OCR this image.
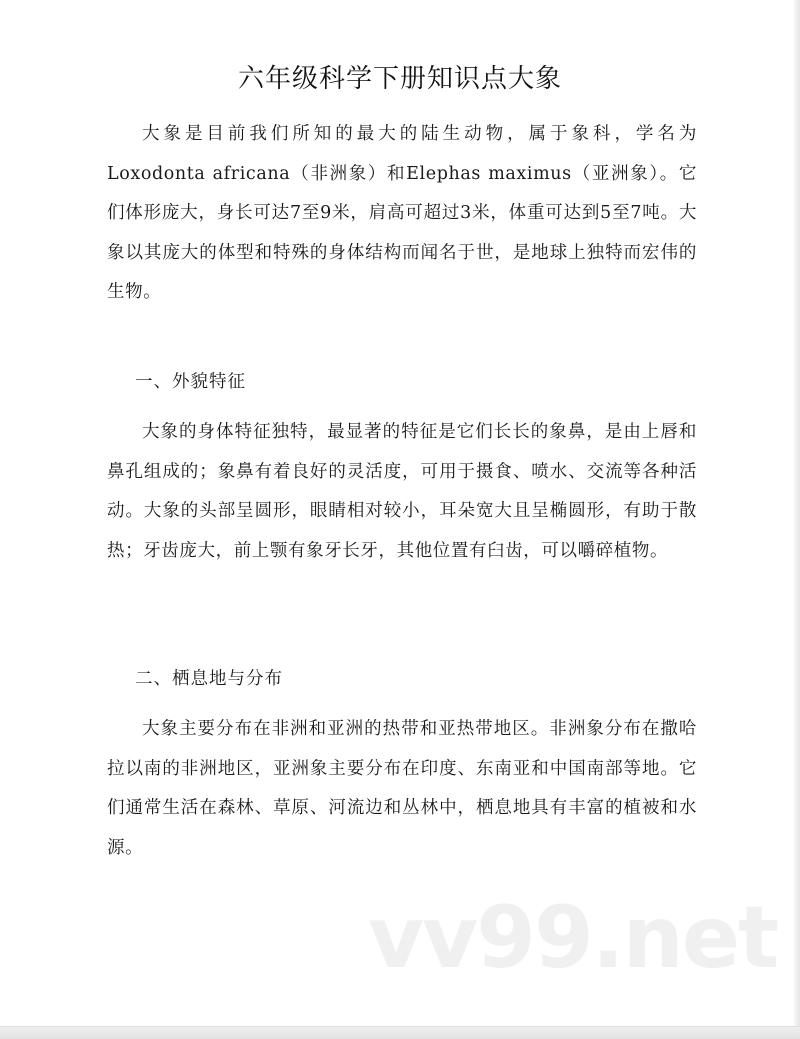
六年级科学下册知识点大象

大象是目前我们所知的最大的陆生动物，属于象科，学名为Loxodonta africana（非洲象）和Elephas maximus（亚洲象）。它们体形庞大，身长可达7至9米，肩高可超过3米，体重可达到5至7吨。大象以其庞大的体型和特殊的身体结构而闻名于世，是地球上独特而宏伟的生物。

一、外貌特征

大象的身体特征独特，最显著的特征是它们长长的象鼻，是由上唇和鼻孔组成的；象鼻有着良好的灵活度，可用于摄食、喷水、交流等各种活动。大象的头部呈圆形，眼睛相对较小，耳朵宽大且呈椭圆形，有助于散热；牙齿庞大，前上颚有象牙长牙，其他位置有臼齿，可以嚼碎植物。

二、栖息地与分布

大象主要分布在非洲和亚洲的热带和亚热带地区。非洲象分布在撒哈拉以南的非洲地区，亚洲象主要分布在印度、东南亚和中国南部等地。它们通常生活在森林、草原、河流边和丛林中，栖息地具有丰富的植被和水源。

vv99.net
